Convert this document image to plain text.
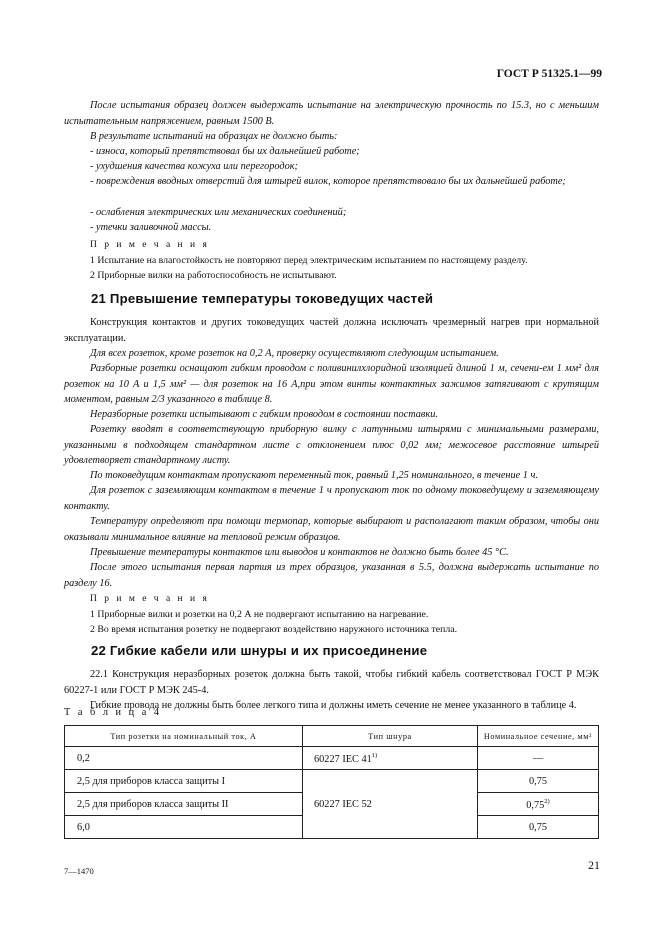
ГОСТ Р 51325.1—99
После испытания образец должен выдержать испытание на электрическую прочность по 15.3, но с меньшим испытательным напряжением, равным 1500 В.
В результате испытаний на образцах не должно быть:
- износа, который препятствовал бы их дальнейшей работе;
- ухудшения качества кожуха или перегородок;
- повреждения вводных отверстий для штырей вилок, которое препятствовало бы их дальнейшей работе;
- ослабления электрических или механических соединений;
- утечки заливочной массы.
П р и м е ч а н и я
1 Испытание на влагостойкость не повторяют перед электрическим испытанием по настоящему разделу.
2 Приборные вилки на работоспособность не испытывают.
21 Превышение температуры токоведущих частей
Конструкция контактов и других токоведущих частей должна исключать чрезмерный нагрев при нормальной эксплуатации.
Для всех розеток, кроме розеток на 0,2 А, проверку осуществляют следующим испытанием.
Разборные розетки оснащают гибким проводом с поливинилхлоридной изоляцией длиной 1 м, сечени-ем 1 мм² для розеток на 10 А и 1,5 мм² — для розеток на 16 А,при этом винты контактных зажимов затягивают с крутящим моментом, равным 2/3 указанного в таблице 8.
Неразборные розетки испытывают с гибким проводом в состоянии поставки.
Розетку вводят в соответствующую приборную вилку с латунными штырями с минимальными размерами, указанными в подходящем стандартном листе с отклонением плюс 0,02 мм; межосевое расстояние штырей удовлетворяет стандартному листу.
По токоведущим контактам пропускают переменный ток, равный 1,25 номинального, в течение 1 ч.
Для розеток с заземляющим контактом в течение 1 ч пропускают ток по одному токоведущему и заземляющему контакту.
Температуру определяют при помощи термопар, которые выбирают и располагают таким образом, чтобы они оказывали минимальное влияние на тепловой режим образцов.
Превышение температуры контактов или выводов и контактов не должно быть более 45 °С.
После этого испытания первая партия из трех образцов, указанная в 5.5, должна выдержать испытание по разделу 16.
П р и м е ч а н и я
1 Приборные вилки и розетки на 0,2 А не подвергают испытанию на нагревание.
2 Во время испытания розетку не подвергают воздействию наружного источника тепла.
22 Гибкие кабели или шнуры и их присоединение
22.1 Конструкция неразборных розеток должна быть такой, чтобы гибкий кабель соответствовал ГОСТ Р МЭК 60227-1 или ГОСТ Р МЭК 245-4.
Гибкие провода не должны быть более легкого типа и должны иметь сечение не менее указанного в таблице 4.
Т а б л и ц а 4
Тип розетки на номинальный ток, А	Тип шнура	Номинальное сечение, мм²
0,2	60227 IEC 41$^{1)}$	—
2,5 для приборов класса защиты I	60227 IEC 52	0,75
2,5 для приборов класса защиты II		0,75$^{2)}$
6,0		0,75
7—1470	21
